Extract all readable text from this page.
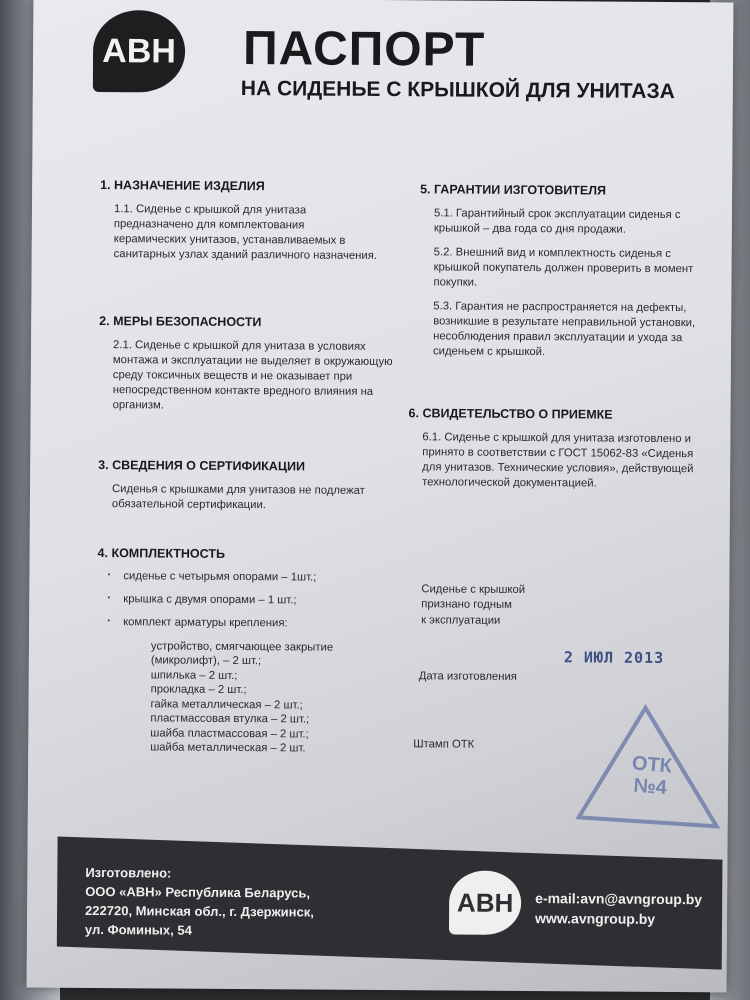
АВН ПАСПОРТ
НА СИДЕНЬЕ С КРЫШКОЙ ДЛЯ УНИТАЗА
1. НАЗНАЧЕНИЕ ИЗДЕЛИЯ

1.1. Сиденье с крышкой для унитаза предназначено для комплектования керамических унитазов, устанавливаемых в санитарных узлах зданий различного назначения.

2. МЕРЫ БЕЗОПАСНОСТИ

2.1. Сиденье с крышкой для унитаза в условиях монтажа и эксплуатации не выделяет в окружающую среду токсичных веществ и не оказывает при непосредственном контакте вредного влияния на организм.

3. СВЕДЕНИЯ О СЕРТИФИКАЦИИ

Сиденья с крышками для унитазов не подлежат обязательной сертификации.

4. КОМПЛЕКТНОСТЬ
· сиденье с четырьмя опорами – 1шт.;
· крышка с двумя опорами – 1 шт.;
· комплект арматуры крепления:
устройство, смягчающее закрытие
(микролифт), – 2 шт.;
шпилька – 2 шт.;
прокладка – 2 шт.;
гайка металлическая – 2 шт.;
пластмассовая втулка – 2 шт.;
шайба пластмассовая – 2 шт.;
шайба металлическая – 2 шт.
5. ГАРАНТИИ ИЗГОТОВИТЕЛЯ

5.1. Гарантийный срок эксплуатации сиденья с крышкой – два года со дня продажи.

5.2. Внешний вид и комплектность сиденья с крышкой покупатель должен проверить в момент покупки.

5.3. Гарантия не распространяется на дефекты, возникшие в результате неправильной установки, несоблюдения правил эксплуатации и ухода за сиденьем с крышкой.

6. СВИДЕТЕЛЬСТВО О ПРИЕМКЕ

6.1. Сиденье с крышкой для унитаза изготовлено и принято в соответствии с ГОСТ 15062-83 «Сиденья для унитазов. Технические условия», действующей технологической документацией.

Сиденье с крышкой
признано годным
к эксплуатации
2 ИЮЛ 2013
Дата изготовления
Штамп ОТК
ОТК
№4
Изготовлено:
ООО «АВН» Республика Беларусь,
222720, Минская обл., г. Дзержинск,
ул. Фоминых, 54
АВН	e-mail:avn@avngroup.by
www.avngroup.by
